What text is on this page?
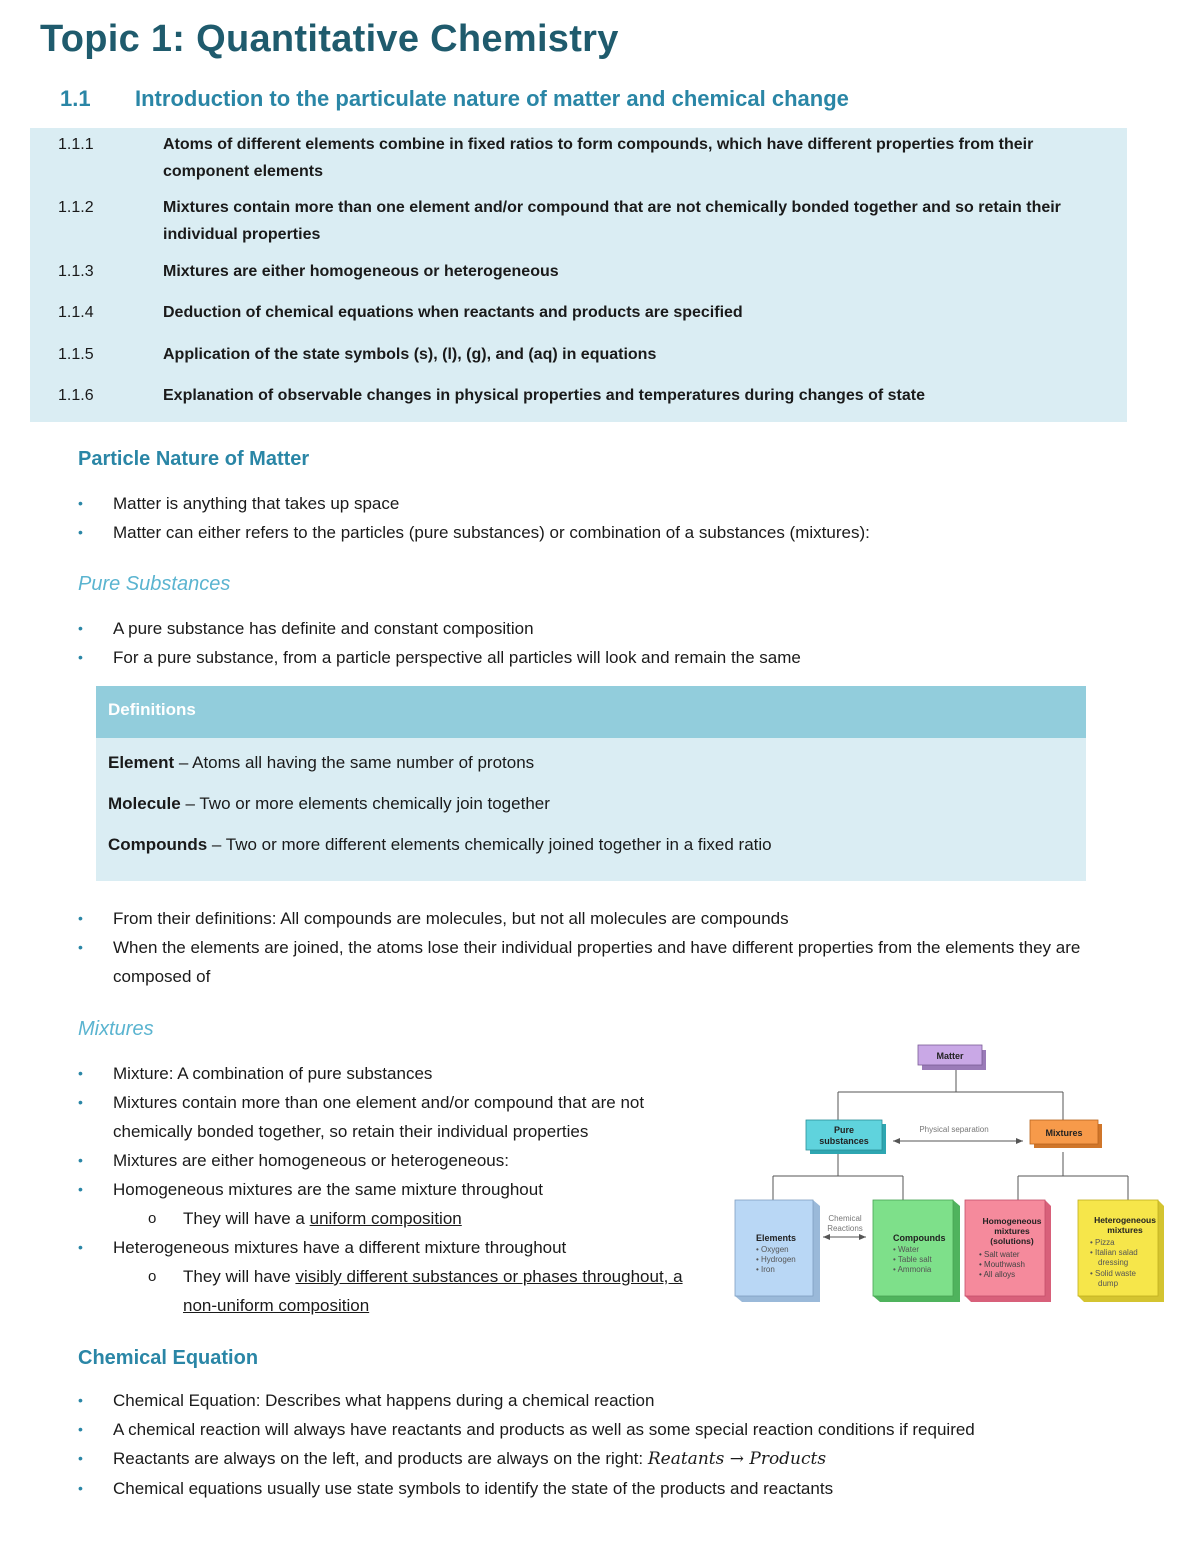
Topic 1: Quantitative Chemistry
1.1 Introduction to the particulate nature of matter and chemical change
1.1.1	Atoms of different elements combine in fixed ratios to form compounds, which have different properties from their component elements
1.1.2	Mixtures contain more than one element and/or compound that are not chemically bonded together and so retain their individual properties
1.1.3	Mixtures are either homogeneous or heterogeneous
1.1.4	Deduction of chemical equations when reactants and products are specified
1.1.5	Application of the state symbols (s), (l), (g), and (aq) in equations
1.1.6	Explanation of observable changes in physical properties and temperatures during changes of state
Particle Nature of Matter
• Matter is anything that takes up space
• Matter can either refers to the particles (pure substances) or combination of a substances (mixtures):
Pure Substances
• A pure substance has definite and constant composition
• For a pure substance, from a particle perspective all particles will look and remain the same
Definitions
Element – Atoms all having the same number of protons
Molecule – Two or more elements chemically join together
Compounds – Two or more different elements chemically joined together in a fixed ratio
• From their definitions: All compounds are molecules, but not all molecules are compounds
• When the elements are joined, the atoms lose their individual properties and have different properties from the elements they are composed of
Mixtures
• Mixture: A combination of pure substances
• Mixtures contain more than one element and/or compound that are not chemically bonded together, so retain their individual properties
• Mixtures are either homogeneous or heterogeneous:
• Homogeneous mixtures are the same mixture throughout
o They will have a uniform composition
• Heterogeneous mixtures have a different mixture throughout
o They will have visibly different substances or phases throughout, a non-uniform composition
Matter
Pure
substances
Mixtures
Physical separation
Chemical
Reactions
Elements
• Oxygen
• Hydrogen
• Iron
Compounds
• Water
• Table salt
• Ammonia
Homogeneous
mixtures
(solutions)
• Salt water
• Mouthwash
• All alloys
Heterogeneous
mixtures
• Pizza
• Italian salad
dressing
• Solid waste
dump
Chemical Equation
• Chemical Equation: Describes what happens during a chemical reaction
• A chemical reaction will always have reactants and products as well as some special reaction conditions if required
• Reactants are always on the left, and products are always on the right: Reatants → Products
• Chemical equations usually use state symbols to identify the state of the products and reactants
